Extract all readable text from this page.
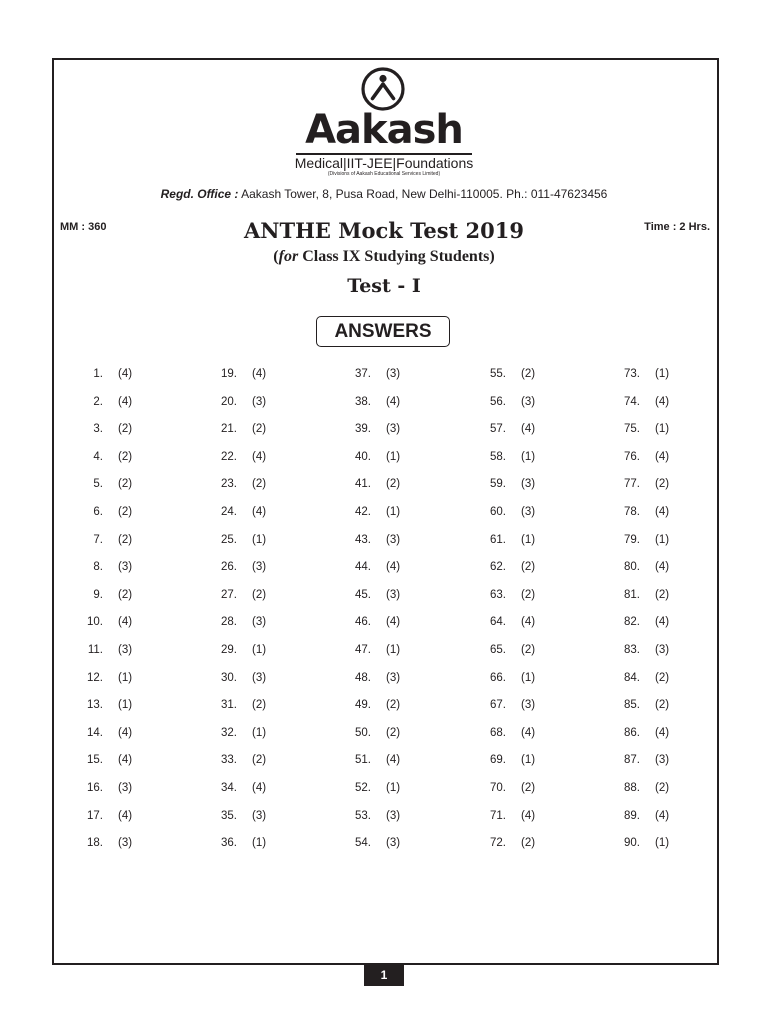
Aakash
Medical|IIT-JEE|Foundations
(Divisions of Aakash Educational Services Limited)
Regd. Office : Aakash Tower, 8, Pusa Road, New Delhi-110005. Ph.: 011-47623456
MM : 360	Time : 2 Hrs.
ANTHE Mock Test 2019
(for Class IX Studying Students)
Test - I
ANSWERS
1. (4)
2. (4)
3. (2)
4. (2)
5. (2)
6. (2)
7. (2)
8. (3)
9. (2)
10. (4)
11. (3)
12. (1)
13. (1)
14. (4)
15. (4)
16. (3)
17. (4)
18. (3)
19. (4)
20. (3)
21. (2)
22. (4)
23. (2)
24. (4)
25. (1)
26. (3)
27. (2)
28. (3)
29. (1)
30. (3)
31. (2)
32. (1)
33. (2)
34. (4)
35. (3)
36. (1)
37. (3)
38. (4)
39. (3)
40. (1)
41. (2)
42. (1)
43. (3)
44. (4)
45. (3)
46. (4)
47. (1)
48. (3)
49. (2)
50. (2)
51. (4)
52. (1)
53. (3)
54. (3)
55. (2)
56. (3)
57. (4)
58. (1)
59. (3)
60. (3)
61. (1)
62. (2)
63. (2)
64. (4)
65. (2)
66. (1)
67. (3)
68. (4)
69. (1)
70. (2)
71. (4)
72. (2)
73. (1)
74. (4)
75. (1)
76. (4)
77. (2)
78. (4)
79. (1)
80. (4)
81. (2)
82. (4)
83. (3)
84. (2)
85. (2)
86. (4)
87. (3)
88. (2)
89. (4)
90. (1)
1
